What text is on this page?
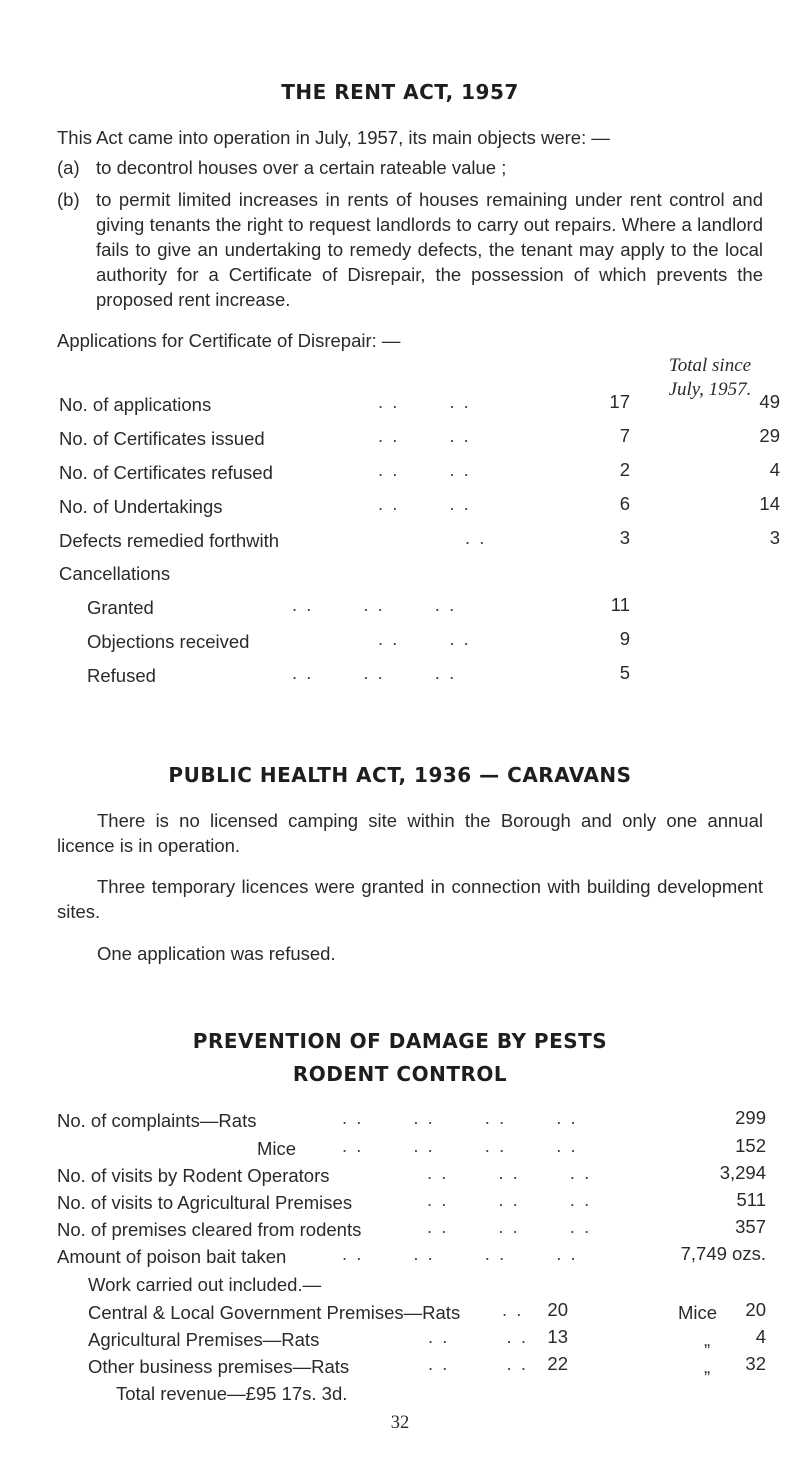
THE RENT ACT, 1957
This Act came into operation in July, 1957, its main objects were: —
(a) to decontrol houses over a certain rateable value ;
(b) to permit limited increases in rents of houses remaining under rent control and giving tenants the right to request landlords to carry out repairs. Where a landlord fails to give an undertaking to remedy defects, the tenant may apply to the local authority for a Certificate of Disrepair, the possession of which prevents the proposed rent increase.
Applications for Certificate of Disrepair: —
Total since
July, 1957.
No. of applications	. .       . .	17	49
No. of Certificates issued	. .       . .	7	29
No. of Certificates refused	. .       . .	2	4
No. of Undertakings	. .       . .	6	14
Defects remedied forthwith	. .	3	3
Cancellations
Granted	. .       . .       . .	11
Objections received	. .       . .	9
Refused	. .       . .       . .	5
PUBLIC HEALTH ACT, 1936 — CARAVANS
There is no licensed camping site within the Borough and only one annual licence is in operation.
Three temporary licences were granted in connection with building development sites.
One application was refused.
PREVENTION OF DAMAGE BY PESTS
RODENT CONTROL
No. of complaints—Rats	. .       . .       . .       . .	299
Mice . .       . .       . .       . .	152
No. of visits by Rodent Operators	. .       . .       . .	3,294
No. of visits to Agricultural Premises	. .       . .       . .	511
No. of premises cleared from rodents	. .       . .       . .	357
Amount of poison bait taken	. .       . .       . .       . .	7,749 ozs.
Work carried out included.—
Central & Local Government Premises—Rats . .	20	Mice	20
Agricultural Premises—Rats	. .        . .	13	„	4
Other business premises—Rats	. .        . .	22	„	32
Total revenue—£95 17s. 3d.
32
